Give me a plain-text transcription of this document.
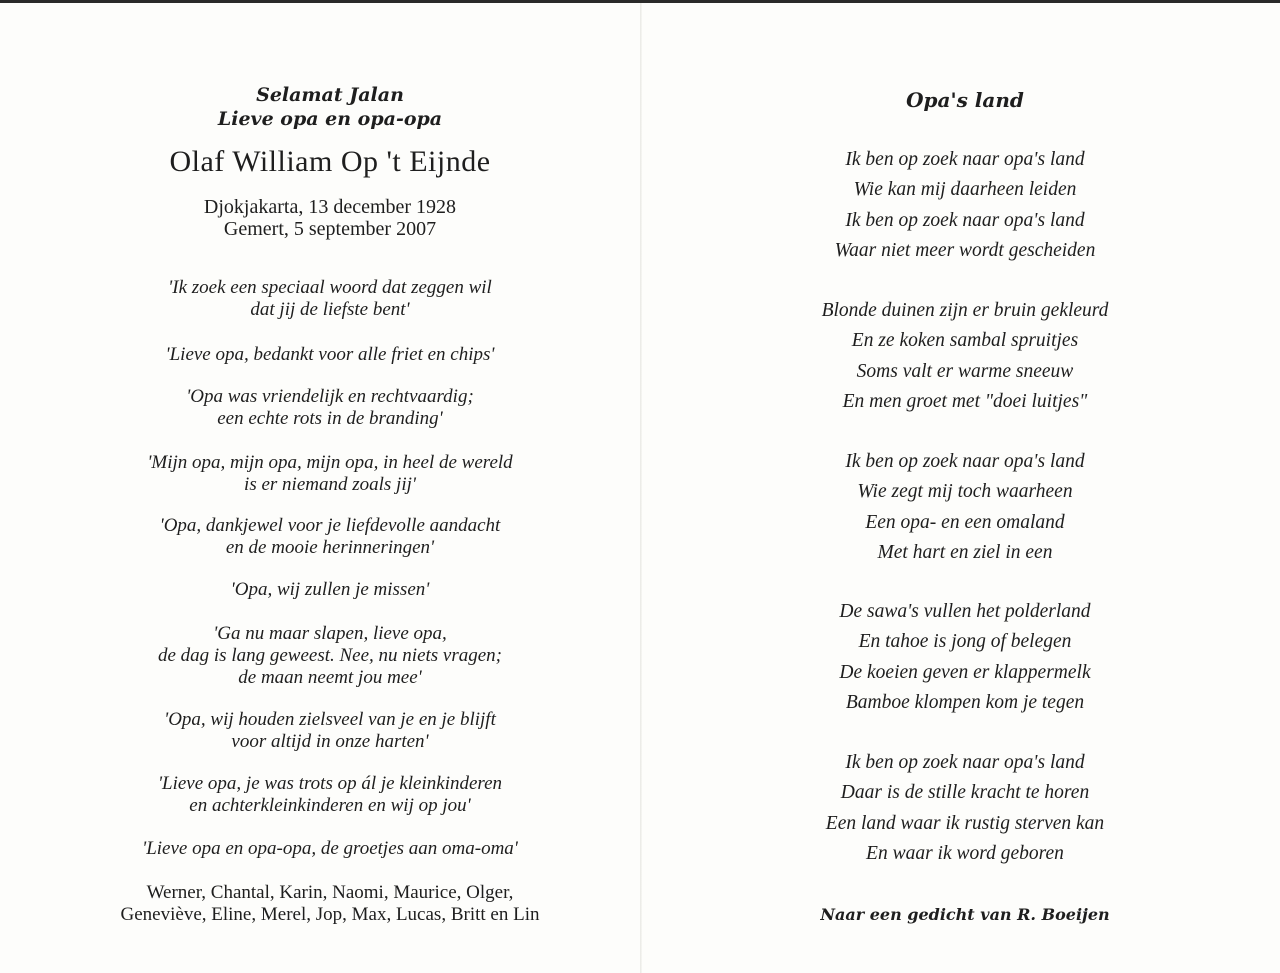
Selamat Jalan
Lieve opa en opa-opa
Olaf William Op 't Eijnde
Djokjakarta, 13 december 1928
Gemert, 5 september 2007
'Ik zoek een speciaal woord dat zeggen wil
dat jij de liefste bent'
'Lieve opa, bedankt voor alle friet en chips'
'Opa was vriendelijk en rechtvaardig;
een echte rots in de branding'
'Mijn opa, mijn opa, mijn opa, in heel de wereld
is er niemand zoals jij'
'Opa, dankjewel voor je liefdevolle aandacht
en de mooie herinneringen'
'Opa, wij zullen je missen'
'Ga nu maar slapen, lieve opa,
de dag is lang geweest. Nee, nu niets vragen;
de maan neemt jou mee'
'Opa, wij houden zielsveel van je en je blijft
voor altijd in onze harten'
'Lieve opa, je was trots op ál je kleinkinderen
en achterkleinkinderen en wij op jou'
'Lieve opa en opa-opa, de groetjes aan oma-oma'
Werner, Chantal, Karin, Naomi, Maurice, Olger,
Geneviève, Eline, Merel, Jop, Max, Lucas, Britt en Lin
Opa's land
Ik ben op zoek naar opa's land
Wie kan mij daarheen leiden
Ik ben op zoek naar opa's land
Waar niet meer wordt gescheiden
Blonde duinen zijn er bruin gekleurd
En ze koken sambal spruitjes
Soms valt er warme sneeuw
En men groet met "doei luitjes"
Ik ben op zoek naar opa's land
Wie zegt mij toch waarheen
Een opa- en een omaland
Met hart en ziel in een
De sawa's vullen het polderland
En tahoe is jong of belegen
De koeien geven er klappermelk
Bamboe klompen kom je tegen
Ik ben op zoek naar opa's land
Daar is de stille kracht te horen
Een land waar ik rustig sterven kan
En waar ik word geboren
Naar een gedicht van R. Boeijen
